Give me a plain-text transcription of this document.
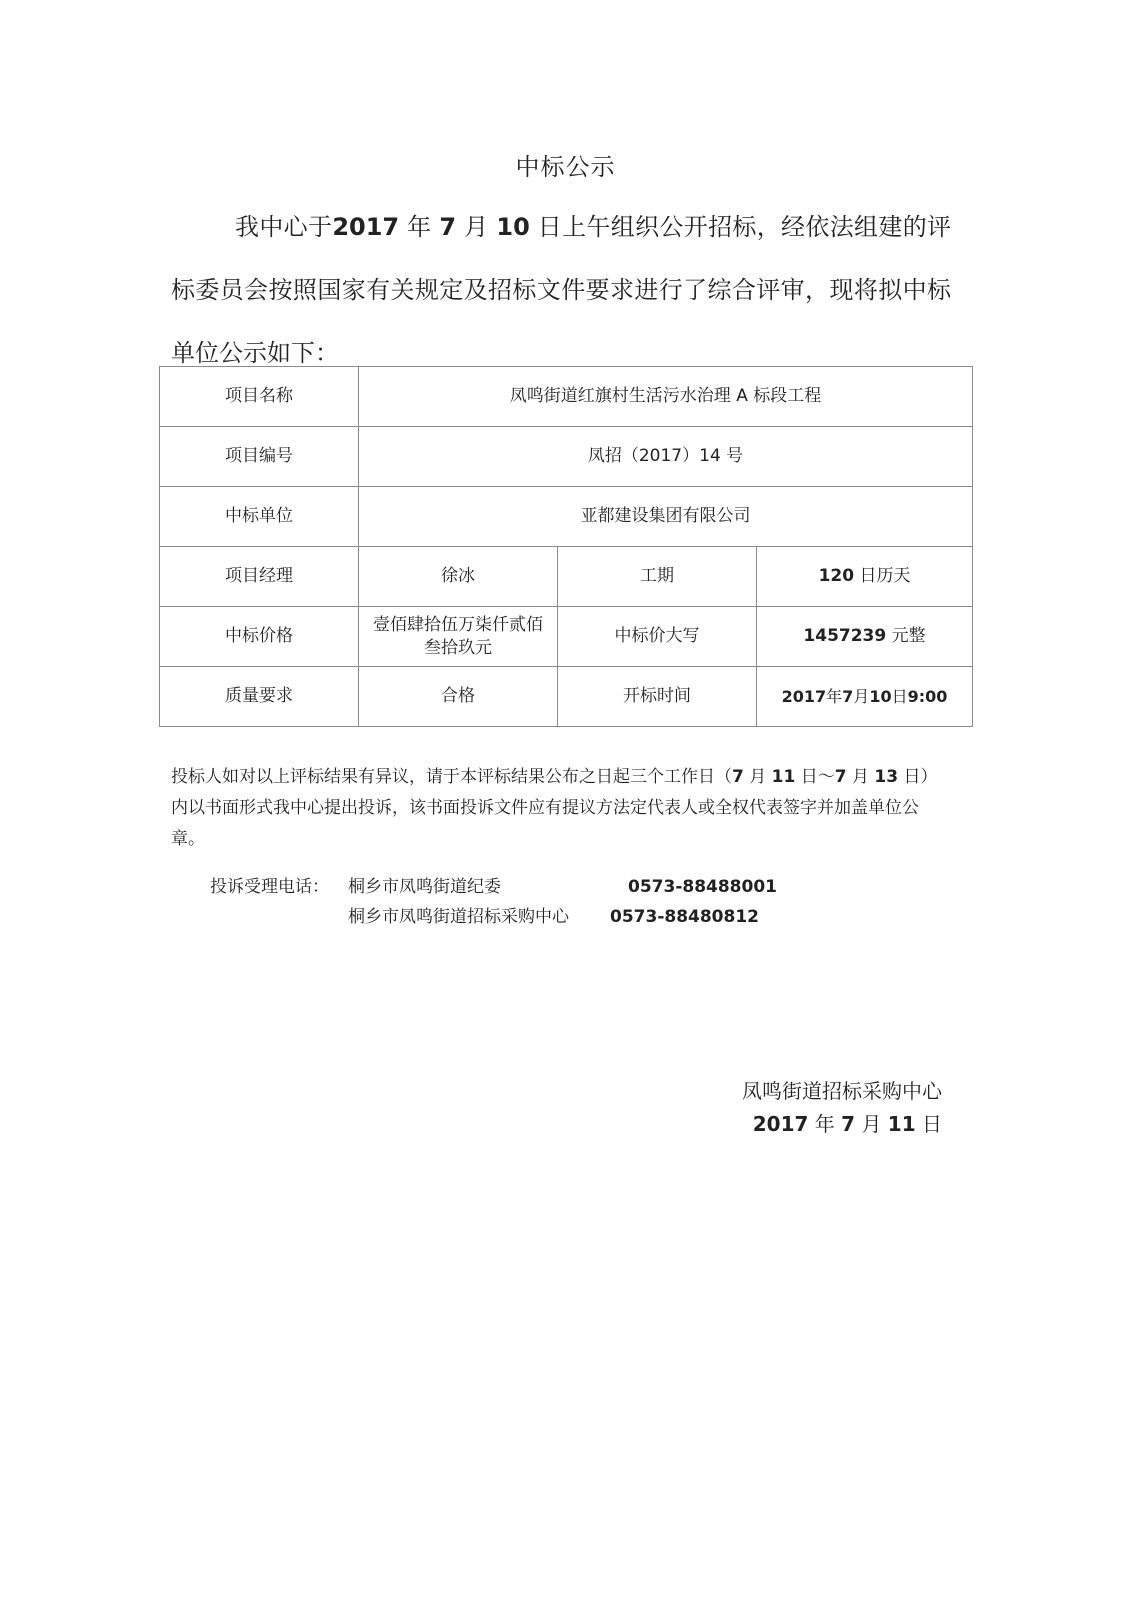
中标公示

我中心于2017 年 7 月 10 日上午组织公开招标，经依法组建的评标委员会按照国家有关规定及招标文件要求进行了综合评审，现将拟中标单位公示如下：

项目名称	凤鸣街道红旗村生活污水治理 A 标段工程		
项目编号	凤招（2017）14 号		
中标单位	亚都建设集团有限公司		
项目经理	徐冰	工期	120 日历天
中标价格	壹佰肆拾伍万柒仟贰佰叁拾玖元	中标价大写	1457239 元整
质量要求	合格	开标时间	2017年7月10日9:00

投标人如对以上评标结果有异议，请于本评标结果公布之日起三个工作日（7 月 11 日～7 月 13 日）内以书面形式我中心提出投诉，该书面投诉文件应有提议方法定代表人或全权代表签字并加盖单位公章。

投诉受理电话： 桐乡市凤鸣街道纪委	0573-88488001
桐乡市凤鸣街道招标采购中心 0573-88480812
凤鸣街道招标采购中心
2017 年 7 月 11 日
